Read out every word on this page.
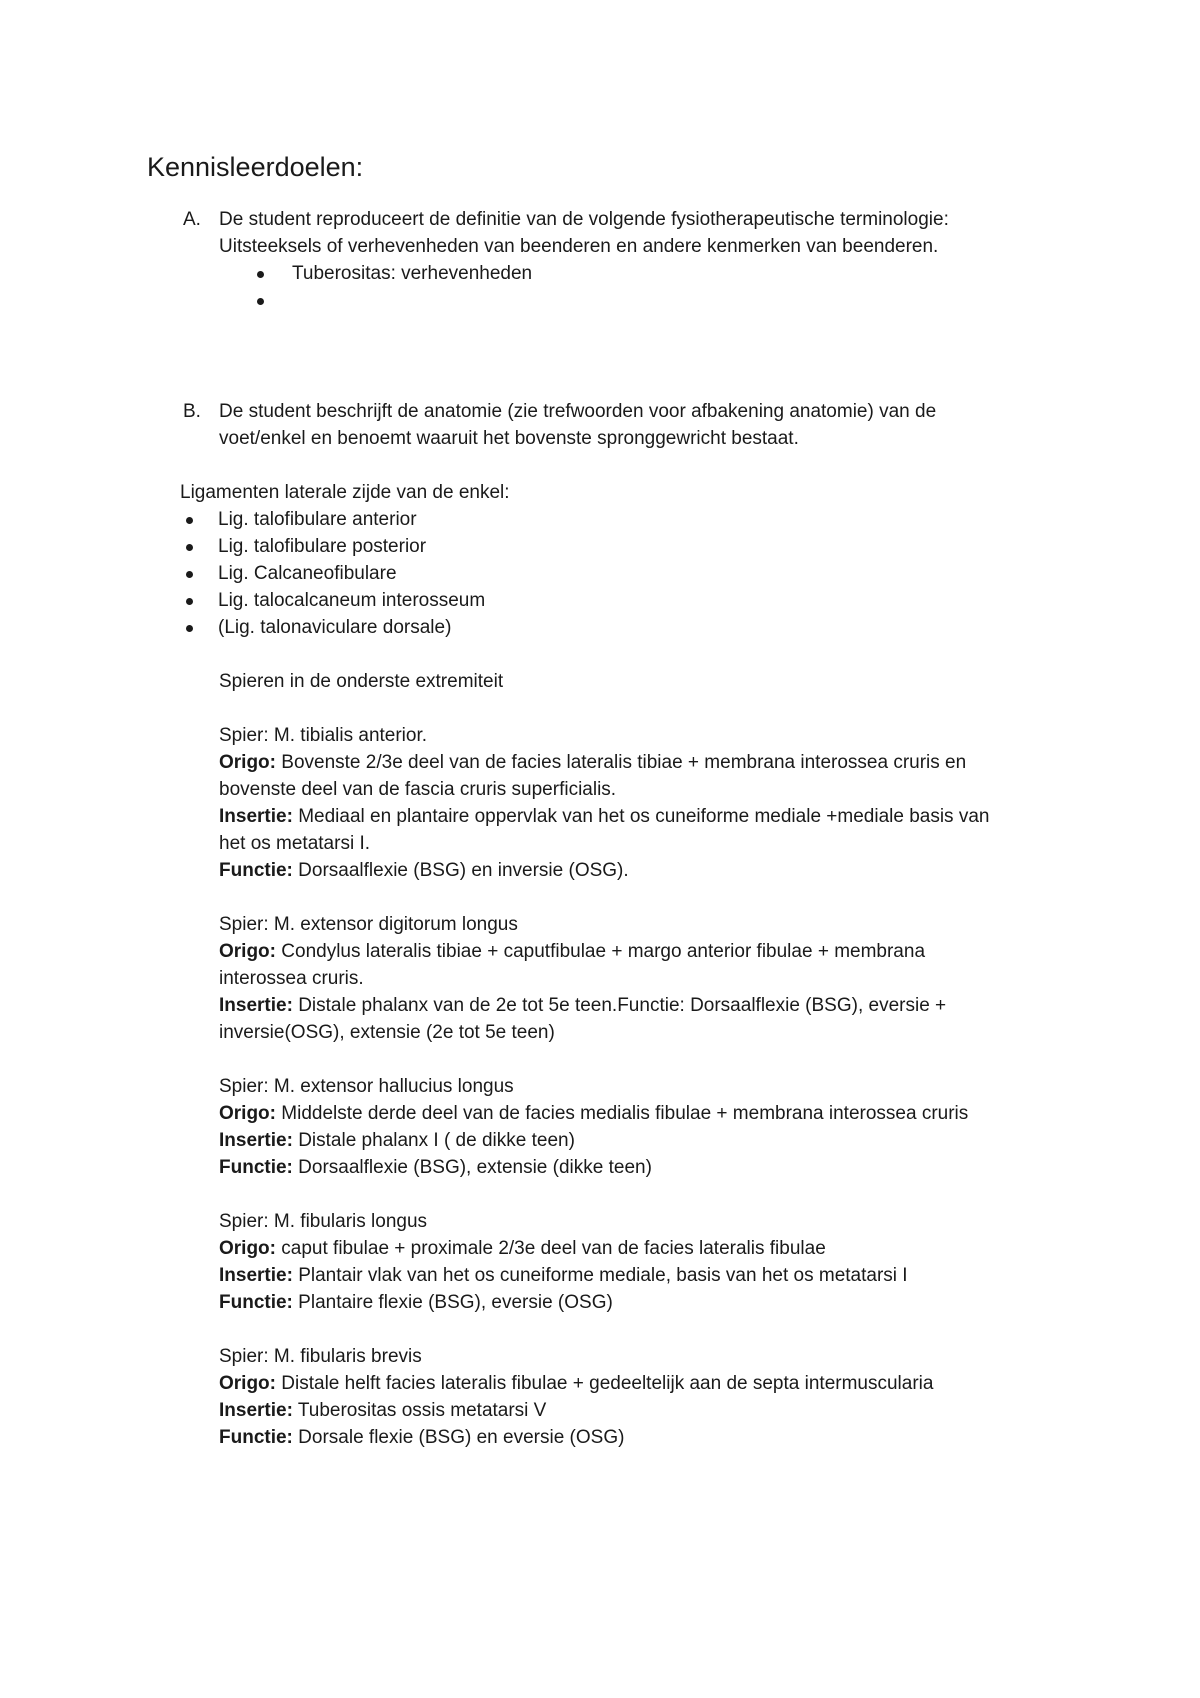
Kennisleerdoelen:
A. De student reproduceert de definitie van de volgende fysiotherapeutische terminologie:
Uitsteeksels of verhevenheden van beenderen en andere kenmerken van beenderen.
Tuberositas: verhevenheden
B. De student beschrijft de anatomie (zie trefwoorden voor afbakening anatomie) van de
voet/enkel en benoemt waaruit het bovenste spronggewricht bestaat.
Ligamenten laterale zijde van de enkel:
Lig. talofibulare anterior
Lig. talofibulare posterior
Lig. Calcaneofibulare
Lig. talocalcaneum interosseum
(Lig. talonaviculare dorsale)
Spieren in de onderste extremiteit
Spier: M. tibialis anterior.
Origo: Bovenste 2/3e deel van de facies lateralis tibiae + membrana interossea cruris en
bovenste deel van de fascia cruris superficialis.
Insertie: Mediaal en plantaire oppervlak van het os cuneiforme mediale +mediale basis van
het os metatarsi I.
Functie: Dorsaalflexie (BSG) en inversie (OSG).
Spier: M. extensor digitorum longus
Origo: Condylus lateralis tibiae + caputfibulae + margo anterior fibulae + membrana
interossea cruris.
Insertie: Distale phalanx van de 2e tot 5e teen.Functie: Dorsaalflexie (BSG), eversie +
inversie(OSG), extensie (2e tot 5e teen)
Spier: M. extensor hallucius longus
Origo: Middelste derde deel van de facies medialis fibulae + membrana interossea cruris
Insertie: Distale phalanx I ( de dikke teen)
Functie: Dorsaalflexie (BSG), extensie (dikke teen)
Spier: M. fibularis longus
Origo: caput fibulae + proximale 2/3e deel van de facies lateralis fibulae
Insertie: Plantair vlak van het os cuneiforme mediale, basis van het os metatarsi I
Functie: Plantaire flexie (BSG), eversie (OSG)
Spier: M. fibularis brevis
Origo: Distale helft facies lateralis fibulae + gedeeltelijk aan de septa intermuscularia
Insertie: Tuberositas ossis metatarsi V
Functie: Dorsale flexie (BSG) en eversie (OSG)
